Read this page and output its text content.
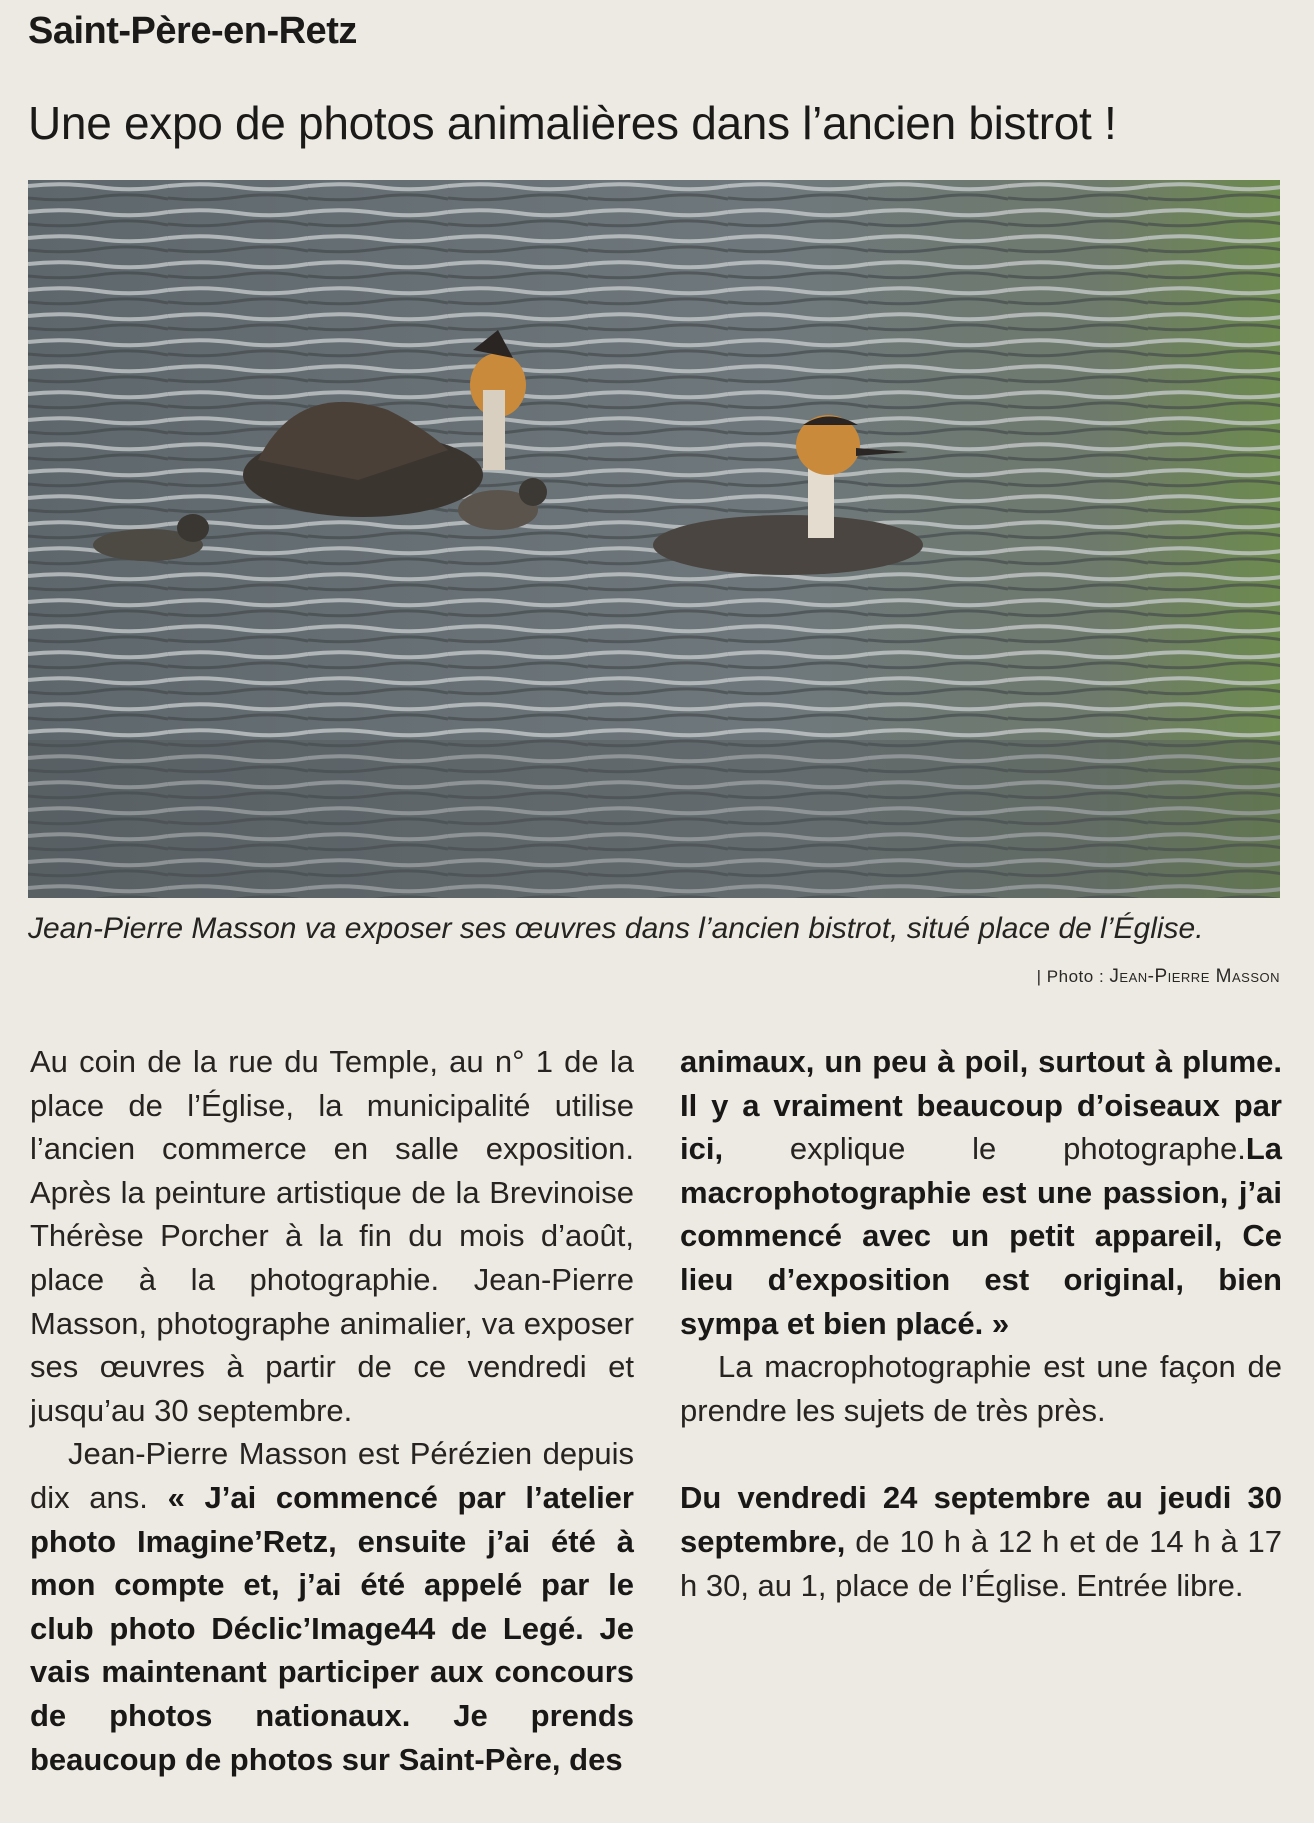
Saint-Père-en-Retz
Une expo de photos animalières dans l’ancien bistrot !
Jean-Pierre Masson va exposer ses œuvres dans l’ancien bistrot, situé place de l’Église.
| Photo : Jean-Pierre Masson

Au coin de la rue du Temple, au n° 1 de la place de l’Église, la municipalité utilise l’ancien commerce en salle exposition. Après la peinture artistique de la Brevinoise Thérèse Porcher à la fin du mois d’août, place à la photographie. Jean-Pierre Masson, photographe animalier, va exposer ses œuvres à partir de ce vendredi et jusqu’au 30 septembre.

Jean-Pierre Masson est Pérézien depuis dix ans. « J’ai commencé par l’atelier photo Imagine’Retz, ensuite j’ai été à mon compte et, j’ai été appelé par le club photo Déclic’Image44 de Legé. Je vais maintenant participer aux concours de photos nationaux. Je prends beaucoup de photos sur Saint-Père, des

animaux, un peu à poil, surtout à plume. Il y a vraiment beaucoup d’oiseaux par ici, explique le photographe.La macrophotographie est une passion, j’ai commencé avec un petit appareil, Ce lieu d’exposition est original, bien sympa et bien placé. »

La macrophotographie est une façon de prendre les sujets de très près.

Du vendredi 24 septembre au jeudi 30 septembre, de 10 h à 12 h et de 14 h à 17 h 30, au 1, place de l’Église. Entrée libre.
